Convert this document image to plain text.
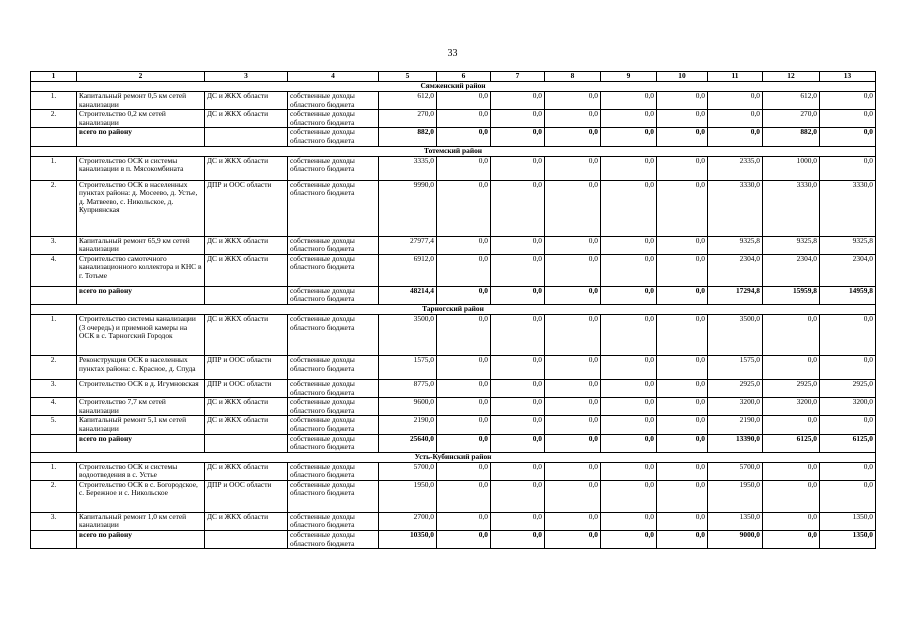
33
1	2	3	4	5	6	7	8	9	10	11	12	13
Сямженский район												
1.	Капитальный ремонт 0,5 км сетей канализации	ДС и ЖКХ области	собственные доходы областного бюджета	612,0	0,0	0,0	0,0	0,0	0,0	0,0	612,0	0,0
2.	Строительство 0,2 км сетей канализации	ДС и ЖКХ области	собственные доходы областного бюджета	270,0	0,0	0,0	0,0	0,0	0,0	0,0	270,0	0,0
	всего по району		собственные доходы областного бюджета	882,0	0,0	0,0	0,0	0,0	0,0	0,0	882,0	0,0
Тотемский район												
1.	Строительство ОСК и системы канализации в п. Мясокомбината	ДС и ЖКХ области	собственные доходы областного бюджета	3335,0	0,0	0,0	0,0	0,0	0,0	2335,0	1000,0	0,0
2.	Строительство ОСК в населенных пунктах района: д. Мосеево, д. Устье, д. Матвеево, с. Никольское, д. Куприянская	ДПР и ООС области	собственные доходы областного бюджета	9990,0	0,0	0,0	0,0	0,0	0,0	3330,0	3330,0	3330,0
3.	Капитальный ремонт 65,9 км сетей канализации	ДС и ЖКХ области	собственные доходы областного бюджета	27977,4	0,0	0,0	0,0	0,0	0,0	9325,8	9325,8	9325,8
4.	Строительство самотечного канализационного коллектора и КНС в г. Тотьме	ДС и ЖКХ области	собственные доходы областного бюджета	6912,0	0,0	0,0	0,0	0,0	0,0	2304,0	2304,0	2304,0
	всего по району		собственные доходы областного бюджета	48214,4	0,0	0,0	0,0	0,0	0,0	17294,8	15959,8	14959,8
Тарногский район												
1.	Строительство системы канализации (3 очередь) и приемной камеры на ОСК в с. Тарногский Городок	ДС и ЖКХ области	собственные доходы областного бюджета	3500,0	0,0	0,0	0,0	0,0	0,0	3500,0	0,0	0,0
2.	Реконструкция ОСК в населенных пунктах района: с. Красное, д. Спуда	ДПР и ООС области	собственные доходы областного бюджета	1575,0	0,0	0,0	0,0	0,0	0,0	1575,0	0,0	0,0
3.	Строительство ОСК в д. Игумновская	ДПР и ООС области	собственные доходы областного бюджета	8775,0	0,0	0,0	0,0	0,0	0,0	2925,0	2925,0	2925,0
4.	Строительство 7,7 км сетей канализации	ДС и ЖКХ области	собственные доходы областного бюджета	9600,0	0,0	0,0	0,0	0,0	0,0	3200,0	3200,0	3200,0
5.	Капитальный ремонт 5,1 км сетей канализации	ДС и ЖКХ области	собственные доходы областного бюджета	2190,0	0,0	0,0	0,0	0,0	0,0	2190,0	0,0	0,0
	всего по району		собственные доходы областного бюджета	25640,0	0,0	0,0	0,0	0,0	0,0	13390,0	6125,0	6125,0
Усть-Кубинский район												
1.	Строительство ОСК и системы водоотведения в с. Устье	ДС и ЖКХ области	собственные доходы областного бюджета	5700,0	0,0	0,0	0,0	0,0	0,0	5700,0	0,0	0,0
2.	Строительство ОСК в с. Богородское, с. Бережное и с. Никольское	ДПР и ООС области	собственные доходы областного бюджета	1950,0	0,0	0,0	0,0	0,0	0,0	1950,0	0,0	0,0
3.	Капитальный ремонт 1,0 км сетей канализации	ДС и ЖКХ области	собственные доходы областного бюджета	2700,0	0,0	0,0	0,0	0,0	0,0	1350,0	0,0	1350,0
	всего по району		собственные доходы областного бюджета	10350,0	0,0	0,0	0,0	0,0	0,0	9000,0	0,0	1350,0
